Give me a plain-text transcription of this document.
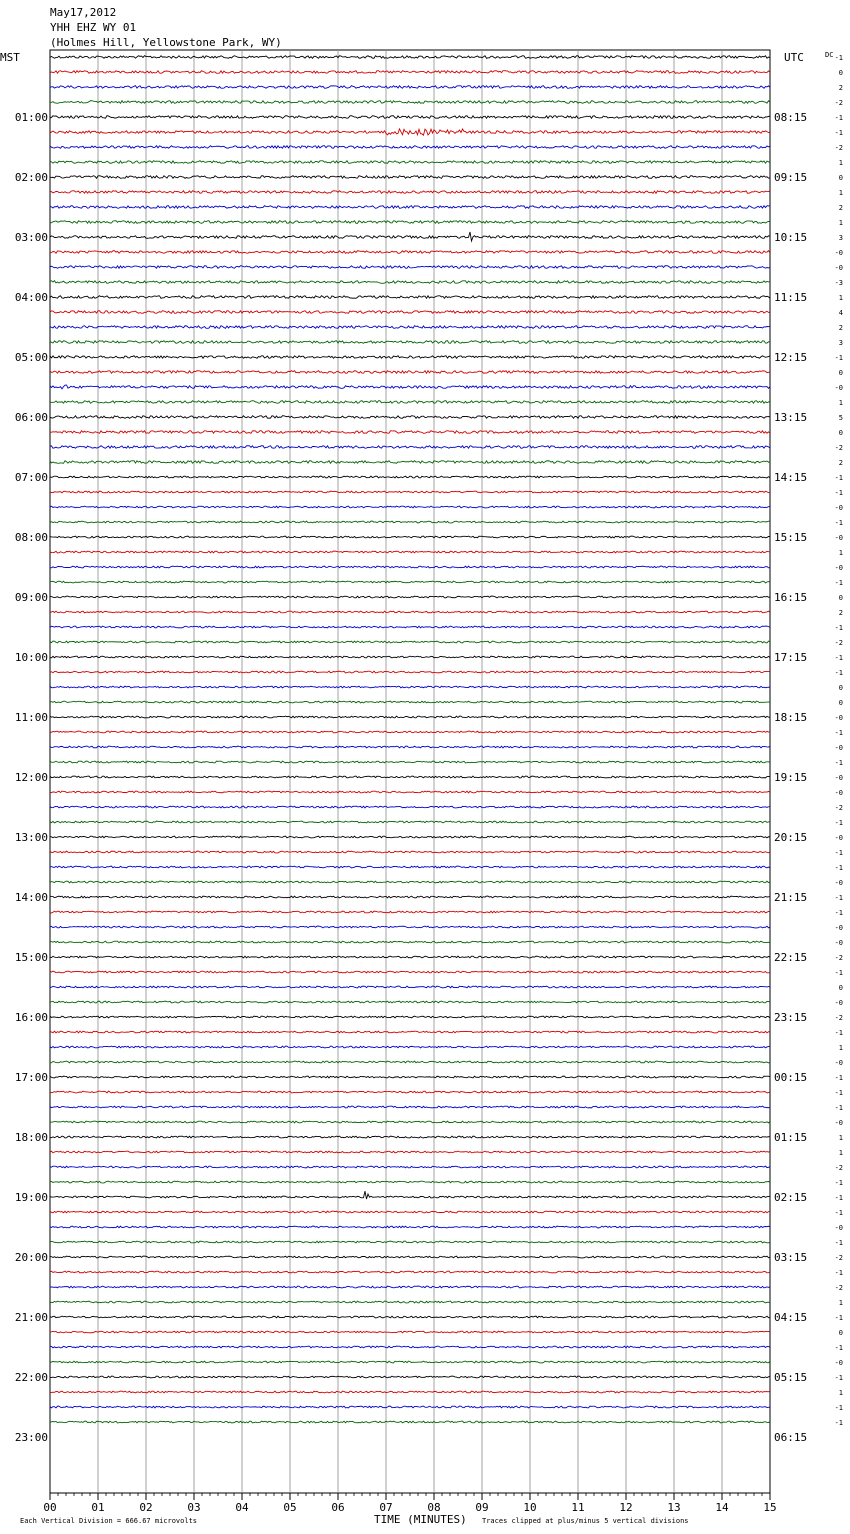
May17,2012
YHH EHZ WY 01
(Holmes Hill, Yellowstone Park, WY)
MST	UTC	DC
00	01	02	03	04	05	06	07	08	09	10	11	12	13	14	15
-1
0
2
-2
-1
-1
-2
1
0
1
2
1
3
-0
-0
-3
1
4
2
3
-1
0
-0
1
5
0
-2
2
-1
-1
-0
-1
-0
1
-0
-1
0
2
-1
-2
-1
-1
0
0
-0
-1
-0
-1
-0
-0
-2
-1
-0
-1
-1
-0
-1
-1
-0
-0
-2
-1
0
-0
-2
-1
1
-0
-1
-1
-1
-0
1
1
-2
-1
-1
-1
-0
-1
-2
-1
-2
1
-1
0
-1
-0
-1
1
-1
-1
01:00	08:15
02:00	09:15
03:00	10:15
04:00	11:15
05:00	12:15
06:00	13:15
07:00	14:15
08:00	15:15
09:00	16:15
10:00	17:15
11:00	18:15
12:00	19:15
13:00	20:15
14:00	21:15
15:00	22:15
16:00	23:15
17:00	00:15
18:00	01:15
19:00	02:15
20:00	03:15
21:00	04:15
22:00	05:15
23:00	06:15
Each Vertical Division = 666.67 microvolts	TIME (MINUTES) Traces clipped at plus/minus 5 vertical divisions
